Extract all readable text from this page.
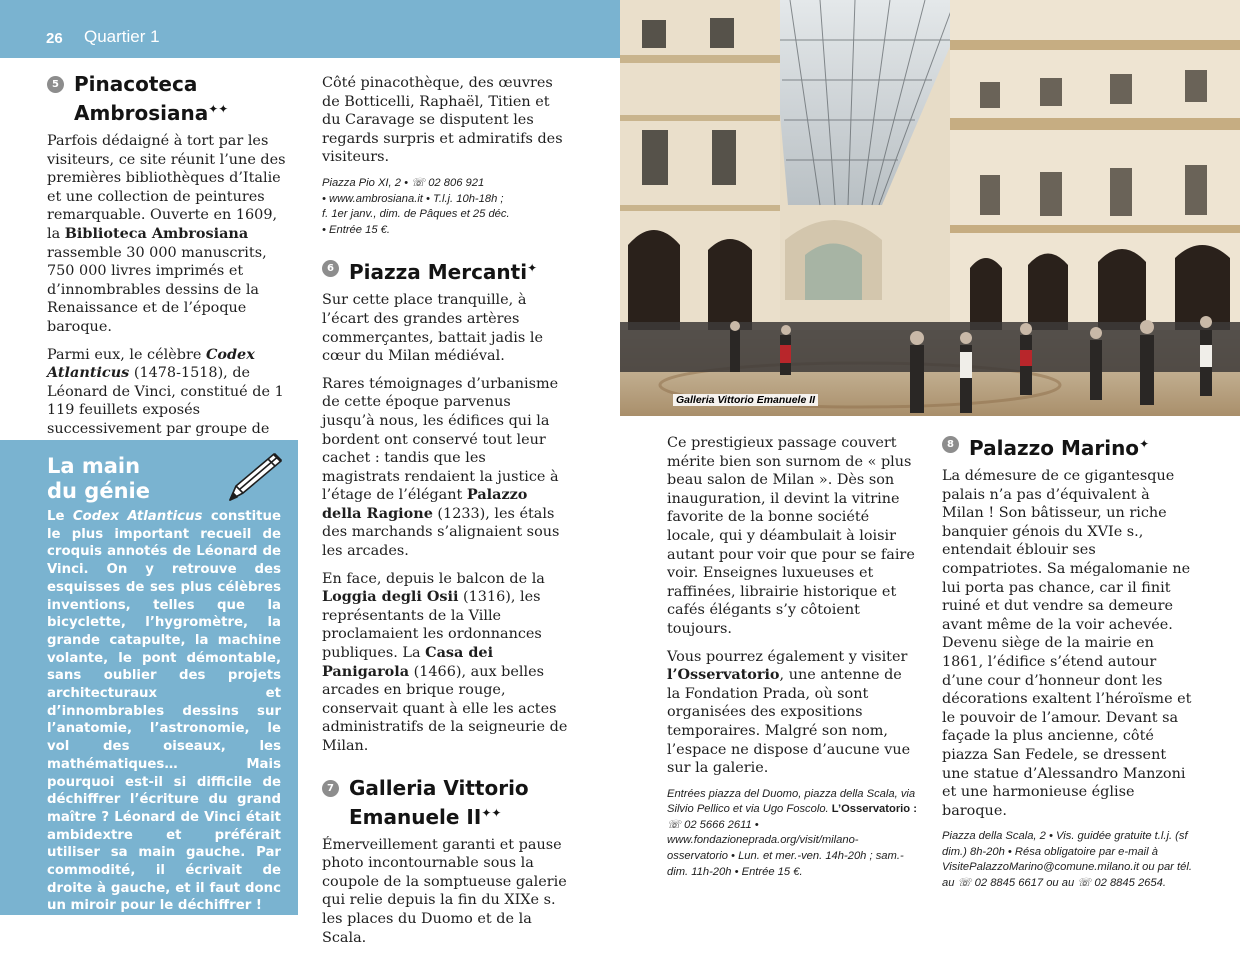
26 Quartier 1
5 Pinacoteca
Ambrosiana✦✦

Parfois dédaigné à tort par les visiteurs, ce site réunit l’une des premières bibliothèques d’Italie et une collection de peintures remarquable. Ouverte en 1609, la Biblioteca Ambrosiana rassemble 30 000 manuscrits, 750 000 livres imprimés et d’innombrables dessins de la Renaissance et de l’époque baroque.

Parmi eux, le célèbre Codex Atlanticus (1478-1518), de Léonard de Vinci, constitué de 1 119 feuillets exposés successivement par groupe de

La main
du génie

Le Codex Atlanticus constitue le plus important recueil de croquis annotés de Léonard de Vinci. On y retrouve des esquisses de ses plus célèbres inventions, telles que la bicyclette, l’hygromètre, la grande catapulte, la machine volante, le pont démontable, sans oublier des projets architecturaux et d’innombrables dessins sur l’anatomie, l’astronomie, le vol des oiseaux, les mathématiques… Mais pourquoi est-il si difficile de déchiffrer l’écriture du grand maître ? Léonard de Vinci était ambidextre et préférait utiliser sa main gauche. Par commodité, il écrivait de droite à gauche, et il faut donc un miroir pour le déchiffrer !

Côté pinacothèque, des œuvres de Botticelli, Raphaël, Titien et du Caravage se disputent les regards surpris et admiratifs des visiteurs.

Piazza Pio XI, 2 • ☏ 02 806 921
• www.ambrosiana.it • T.l.j. 10h-18h ;
f. 1er janv., dim. de Pâques et 25 déc.
• Entrée 15 €.
6 Piazza Mercanti✦

Sur cette place tranquille, à l’écart des grandes artères commerçantes, battait jadis le cœur du Milan médiéval.

Rares témoignages d’urbanisme de cette époque parvenus jusqu’à nous, les édifices qui la bordent ont conservé tout leur cachet : tandis que les magistrats rendaient la justice à l’étage de l’élégant Palazzo della Ragione (1233), les étals des marchands s’alignaient sous les arcades.

En face, depuis le balcon de la Loggia degli Osii (1316), les représentants de la Ville proclamaient les ordonnances publiques. La Casa dei Panigarola (1466), aux belles arcades en brique rouge, conservait quant à elle les actes administratifs de la seigneurie de Milan.

7 Galleria Vittorio
Emanuele II✦✦

Émerveillement garanti et pause photo incontournable sous la coupole de la somptueuse galerie qui relie depuis la fin du XIXe s. les places du Duomo et de la Scala.

Galleria Vittorio Emanuele II

Ce prestigieux passage couvert mérite bien son surnom de « plus beau salon de Milan ». Dès son inauguration, il devint la vitrine favorite de la bonne société locale, qui y déambulait à loisir autant pour voir que pour se faire voir. Enseignes luxueuses et raffinées, librairie historique et cafés élégants s’y côtoient toujours.

Vous pourrez également y visiter l’Osservatorio, une antenne de la Fondation Prada, où sont organisées des expositions temporaires. Malgré son nom, l’espace ne dispose d’aucune vue sur la galerie.

Entrées piazza del Duomo, piazza della Scala, via Silvio Pellico et via Ugo Foscolo. L’Osservatorio : ☏ 02 5666 2611 • www.fondazioneprada.org/visit/milano-osservatorio • Lun. et mer.-ven. 14h-20h ; sam.-dim. 11h-20h • Entrée 15 €.
8 Palazzo Marino✦

La démesure de ce gigantesque palais n’a pas d’équivalent à Milan ! Son bâtisseur, un riche banquier génois du XVIe s., entendait éblouir ses compatriotes. Sa mégalomanie ne lui porta pas chance, car il finit ruiné et dut vendre sa demeure avant même de la voir achevée. Devenu siège de la mairie en 1861, l’édifice s’étend autour d’une cour d’honneur dont les décorations exaltent l’héroïsme et le pouvoir de l’amour. Devant sa façade la plus ancienne, côté piazza San Fedele, se dressent une statue d’Alessandro Manzoni et une harmonieuse église baroque.

Piazza della Scala, 2 • Vis. guidée gratuite t.l.j. (sf dim.) 8h-20h • Résa obligatoire par e-mail à VisitePalazzoMarino@comune.milano.it ou par tél. au ☏ 02 8845 6617 ou au ☏ 02 8845 2654.
